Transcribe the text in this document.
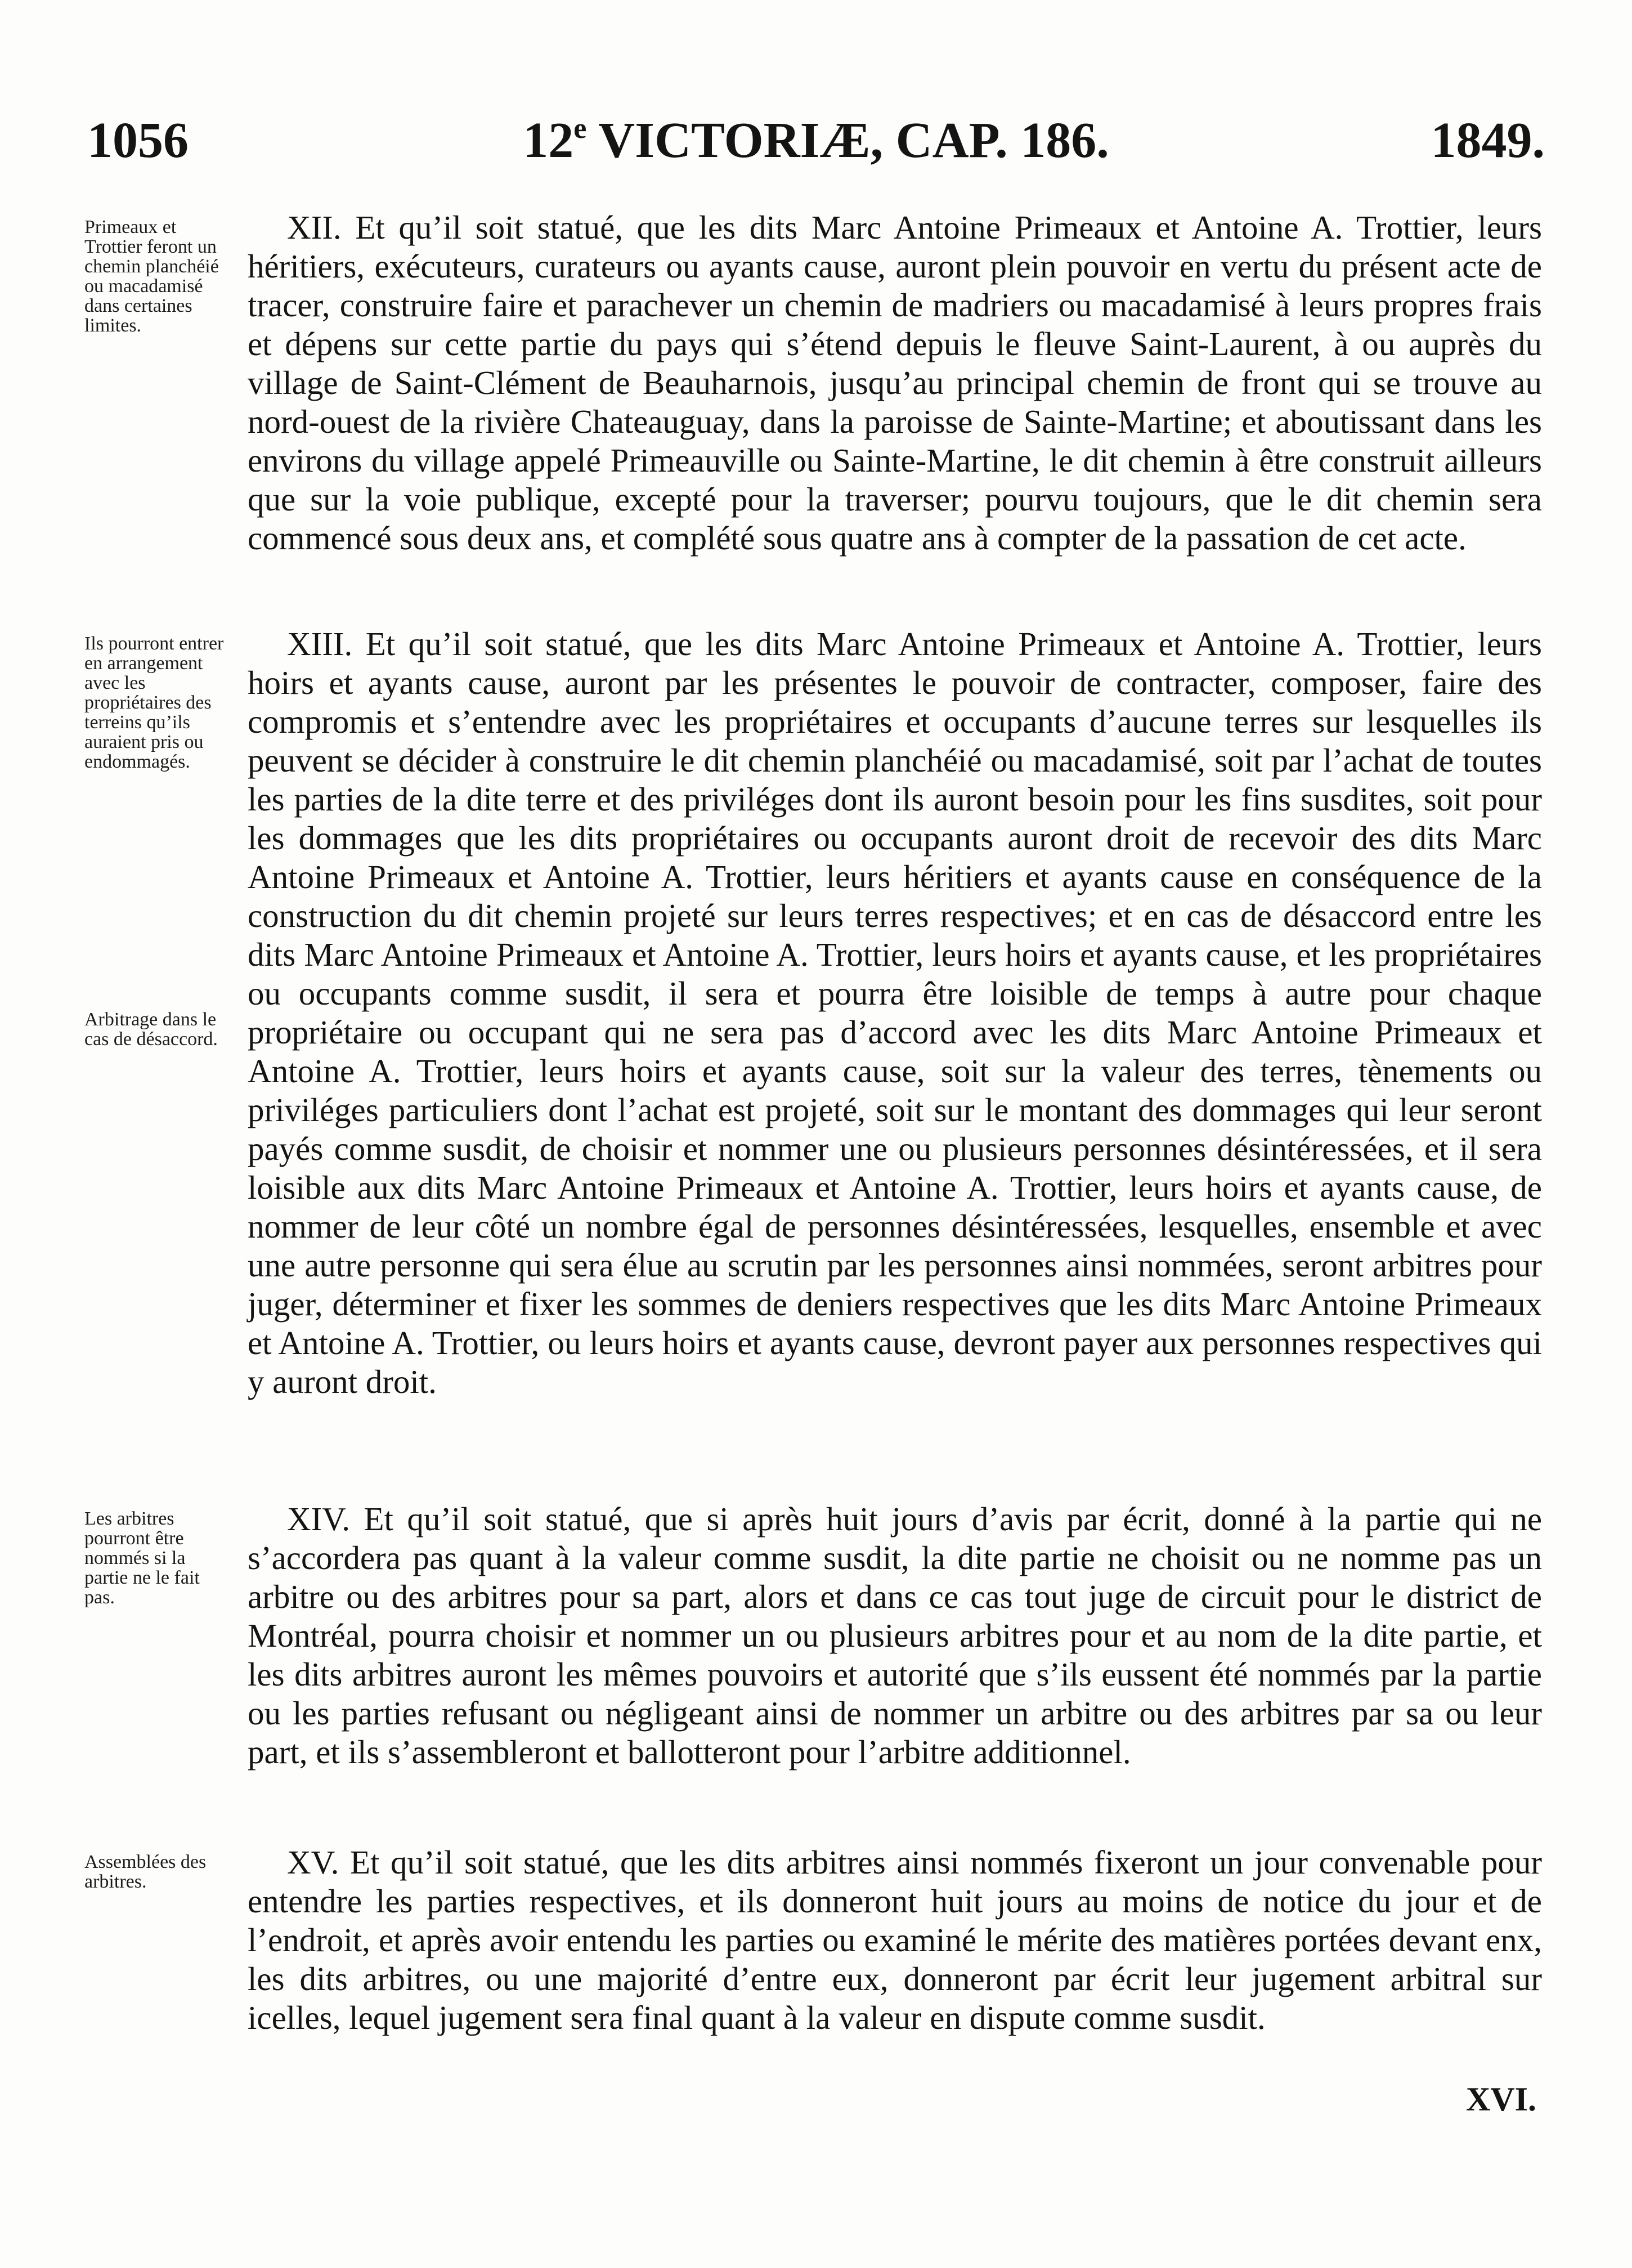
1056	12e VICTORIÆ, CAP. 186.	1849.
Primeaux et Trottier feront un chemin planchéié ou macadamisé dans certaines limites.
XII. Et qu’il soit statué, que les dits Marc Antoine Primeaux et Antoine A. Trottier, leurs héritiers, exécuteurs, curateurs ou ayants cause, auront plein pouvoir en vertu du présent acte de tracer, construire faire et parachever un chemin de madriers ou macadamisé à leurs propres frais et dépens sur cette partie du pays qui s’étend depuis le fleuve Saint-Laurent, à ou auprès du village de Saint-Clément de Beauharnois, jusqu’au principal chemin de front qui se trouve au nord-ouest de la rivière Chateauguay, dans la paroisse de Sainte-Martine; et aboutissant dans les environs du village appelé Primeauville ou Sainte-Martine, le dit chemin à être construit ailleurs que sur la voie publique, excepté pour la traverser; pourvu toujours, que le dit chemin sera commencé sous deux ans, et complété sous quatre ans à compter de la passation de cet acte.
Ils pourront entrer en arrangement avec les propriétaires des terreins qu’ils auraient pris ou endommagés.
Arbitrage dans le cas de désaccord.
XIII. Et qu’il soit statué, que les dits Marc Antoine Primeaux et Antoine A. Trottier, leurs hoirs et ayants cause, auront par les présentes le pouvoir de contracter, composer, faire des compromis et s’entendre avec les propriétaires et occupants d’aucune terres sur lesquelles ils peuvent se décider à construire le dit chemin planchéié ou macadamisé, soit par l’achat de toutes les parties de la dite terre et des priviléges dont ils auront besoin pour les fins susdites, soit pour les dommages que les dits propriétaires ou occupants auront droit de recevoir des dits Marc Antoine Primeaux et Antoine A. Trottier, leurs héritiers et ayants cause en conséquence de la construction du dit chemin projeté sur leurs terres respectives; et en cas de désaccord entre les dits Marc Antoine Primeaux et Antoine A. Trottier, leurs hoirs et ayants cause, et les propriétaires ou occupants comme susdit, il sera et pourra être loisible de temps à autre pour chaque propriétaire ou occupant qui ne sera pas d’accord avec les dits Marc Antoine Primeaux et Antoine A. Trottier, leurs hoirs et ayants cause, soit sur la valeur des terres, tènements ou priviléges particuliers dont l’achat est projeté, soit sur le montant des dommages qui leur seront payés comme susdit, de choisir et nommer une ou plusieurs personnes désintéressées, et il sera loisible aux dits Marc Antoine Primeaux et Antoine A. Trottier, leurs hoirs et ayants cause, de nommer de leur côté un nombre égal de personnes désintéressées, lesquelles, ensemble et avec une autre personne qui sera élue au scrutin par les personnes ainsi nommées, seront arbitres pour juger, déterminer et fixer les sommes de deniers respectives que les dits Marc Antoine Primeaux et Antoine A. Trottier, ou leurs hoirs et ayants cause, devront payer aux personnes respectives qui y auront droit.
Les arbitres pourront être nommés si la partie ne le fait pas.
XIV. Et qu’il soit statué, que si après huit jours d’avis par écrit, donné à la partie qui ne s’accordera pas quant à la valeur comme susdit, la dite partie ne choisit ou ne nomme pas un arbitre ou des arbitres pour sa part, alors et dans ce cas tout juge de circuit pour le district de Montréal, pourra choisir et nommer un ou plusieurs arbitres pour et au nom de la dite partie, et les dits arbitres auront les mêmes pouvoirs et autorité que s’ils eussent été nommés par la partie ou les parties refusant ou négligeant ainsi de nommer un arbitre ou des arbitres par sa ou leur part, et ils s’assembleront et ballotteront pour l’arbitre additionnel.
Assemblées des arbitres.
XV. Et qu’il soit statué, que les dits arbitres ainsi nommés fixeront un jour convenable pour entendre les parties respectives, et ils donneront huit jours au moins de notice du jour et de l’endroit, et après avoir entendu les parties ou examiné le mérite des matières portées devant enx, les dits arbitres, ou une majorité d’entre eux, donneront par écrit leur jugement arbitral sur icelles, lequel jugement sera final quant à la valeur en dispute comme susdit.
XVI.
